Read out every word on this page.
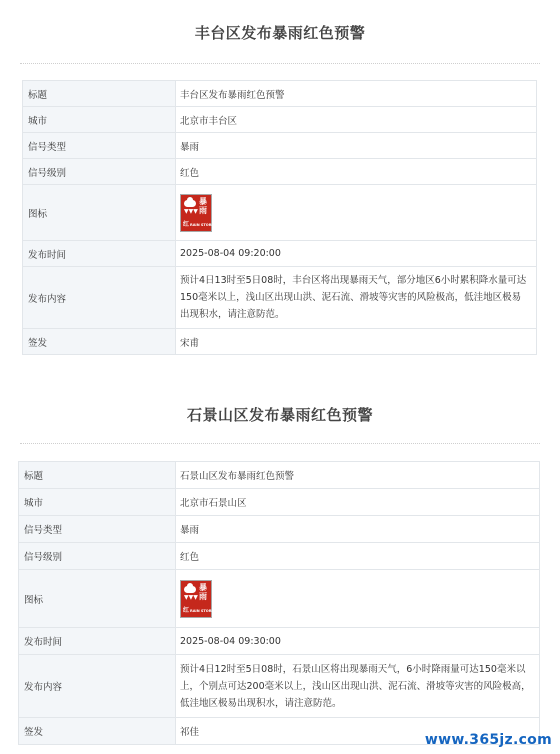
丰台区发布暴雨红色预警
标题	丰台区发布暴雨红色预警
城市	北京市丰台区
信号类型	暴雨
信号级别	红色
图标	▼▼▼
暴雨
红 RAIN STORM

发布时间	2025-08-04 09:20:00
发布内容	预计4日13时至5日08时，丰台区将出现暴雨天气，部分地区6小时累积降水量可达150毫米以上，浅山区出现山洪、泥石流、滑坡等灾害的风险极高，低洼地区极易出现积水，请注意防范。
签发	宋甫
石景山区发布暴雨红色预警
标题	石景山区发布暴雨红色预警
城市	北京市石景山区
信号类型	暴雨
信号级别	红色
图标	▼▼▼
暴雨
红 RAIN STORM

发布时间	2025-08-04 09:30:00
发布内容	预计4日12时至5日08时，石景山区将出现暴雨天气，6小时降雨量可达150毫米以上，个别点可达200毫米以上，浅山区出现山洪、泥石流、滑坡等灾害的风险极高，低洼地区极易出现积水，请注意防范。
签发	祁佳	www.365jz.com
